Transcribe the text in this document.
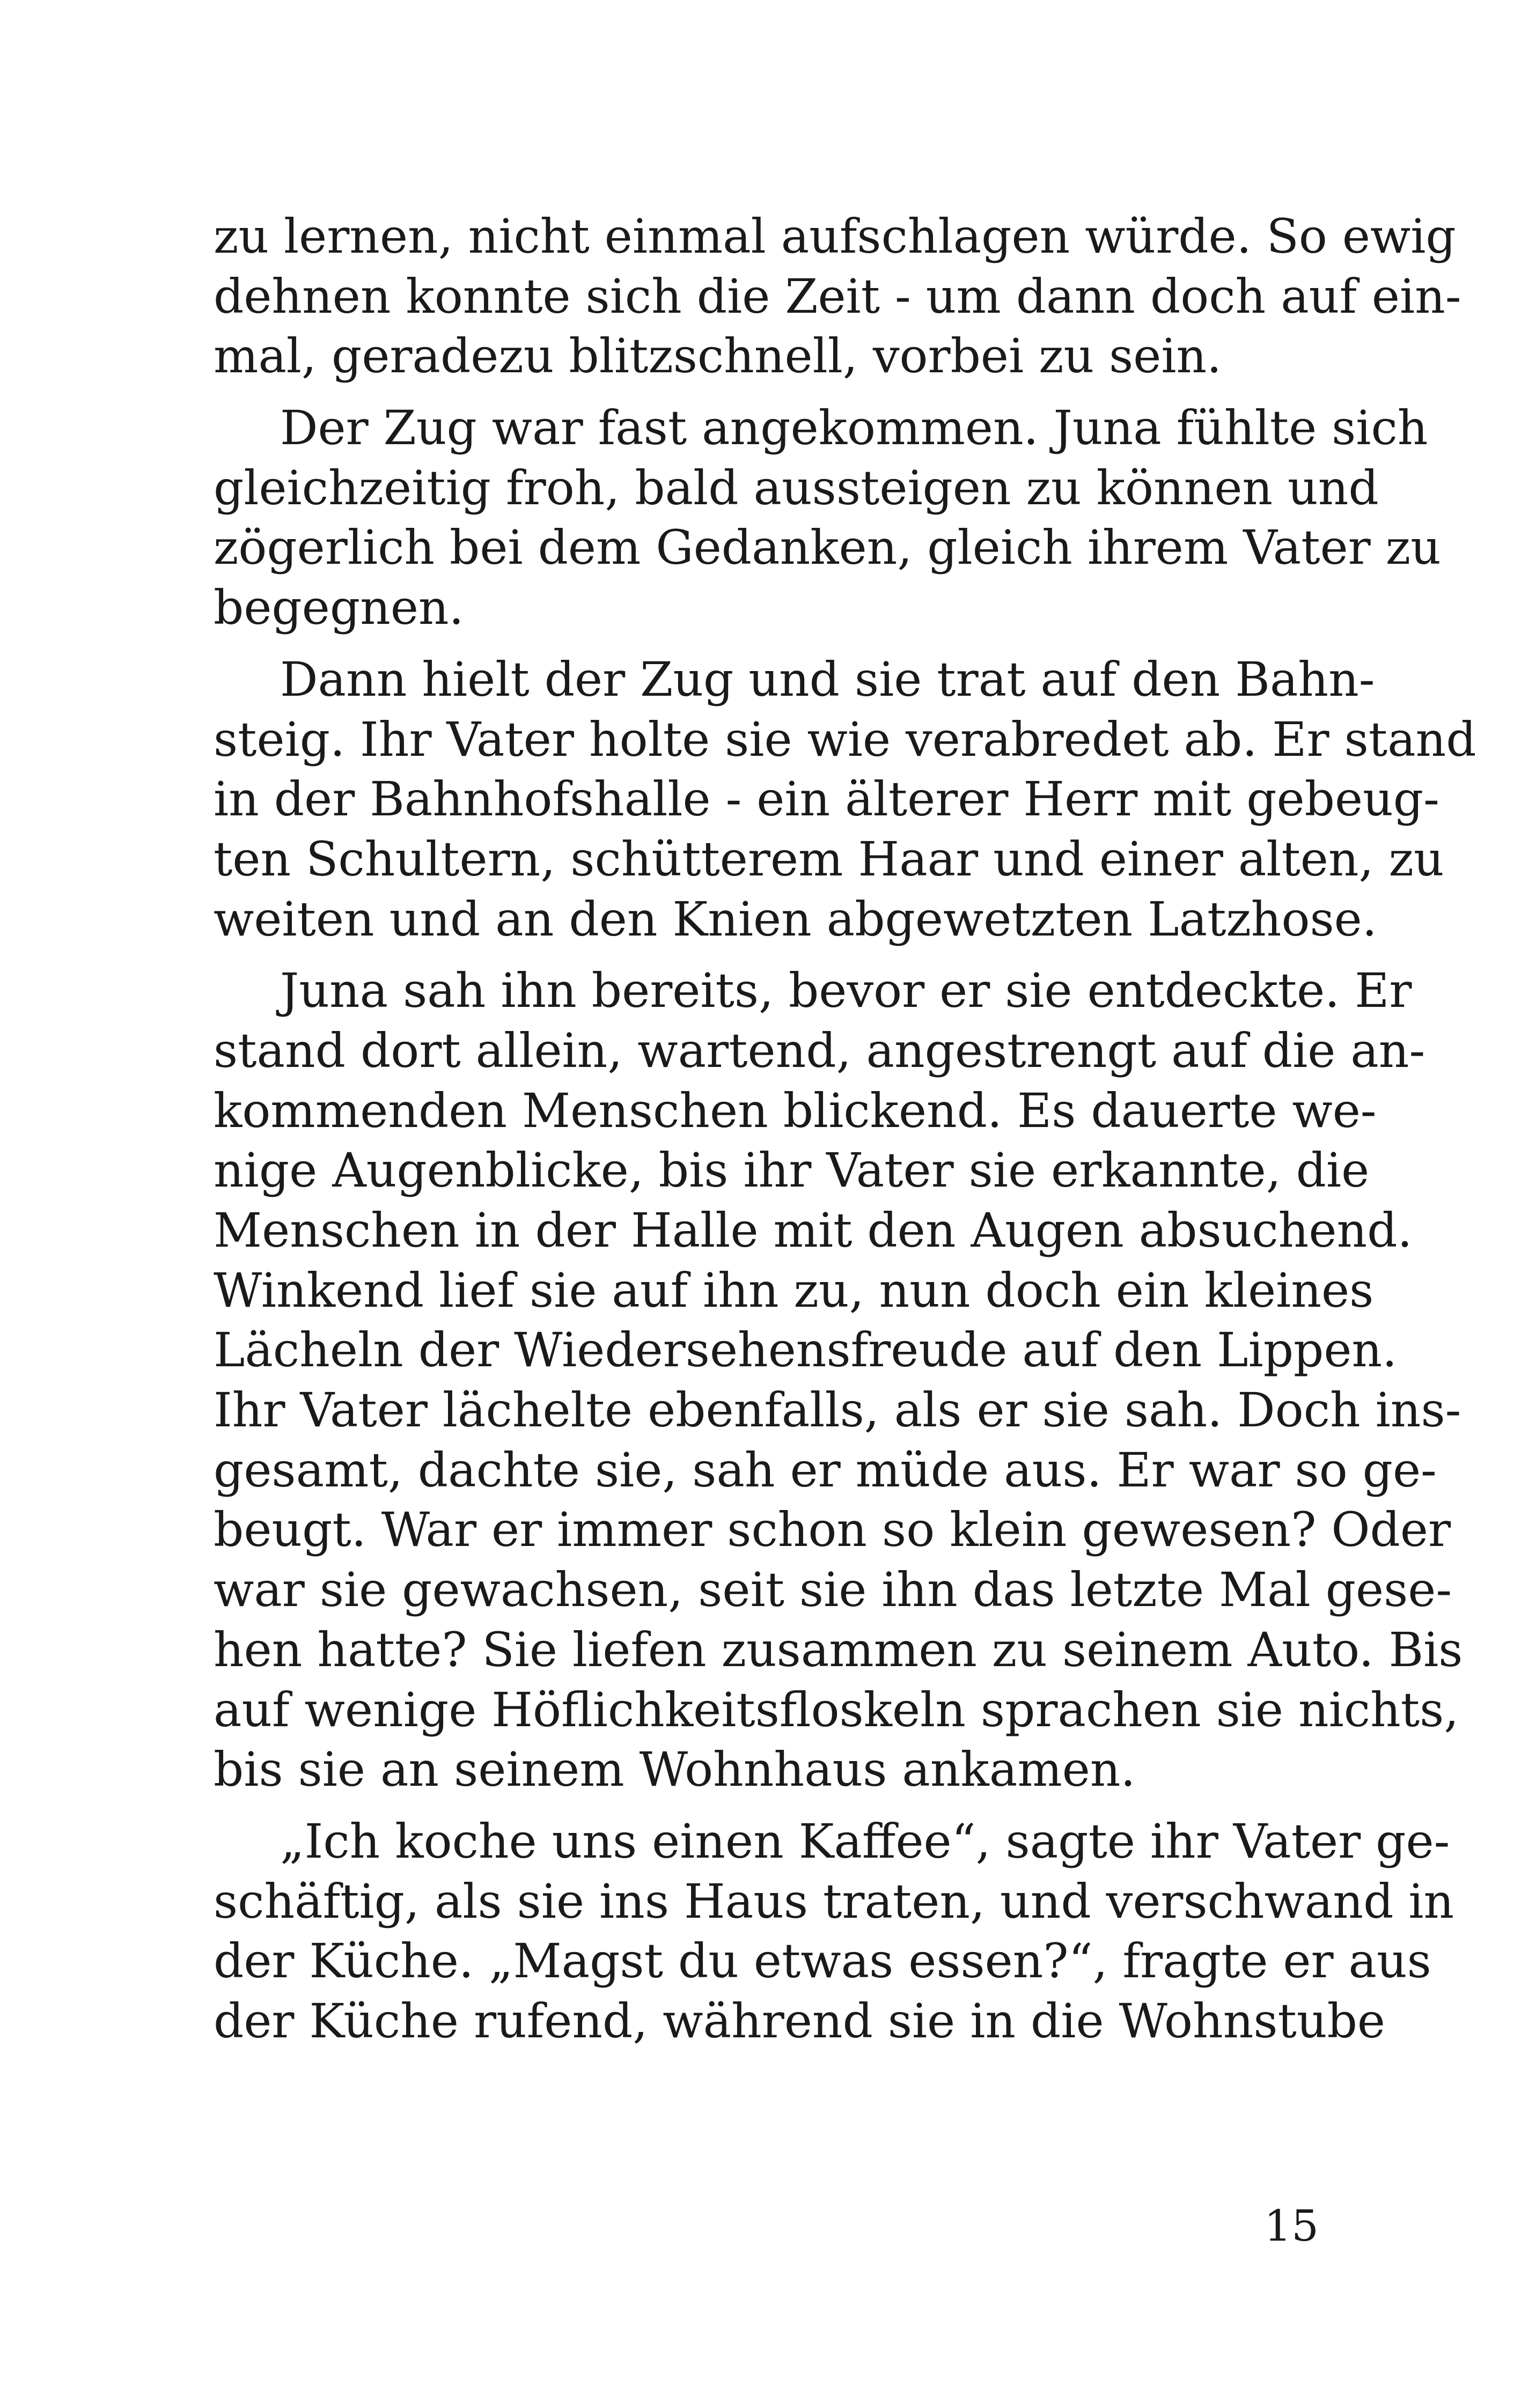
zu lernen, nicht einmal aufschlagen würde. So ewig
dehnen konnte sich die Zeit - um dann doch auf ein-
mal, geradezu blitzschnell, vorbei zu sein.
Der Zug war fast angekommen. Juna fühlte sich
gleichzeitig froh, bald aussteigen zu können und
zögerlich bei dem Gedanken, gleich ihrem Vater zu
begegnen.
Dann hielt der Zug und sie trat auf den Bahn-
steig. Ihr Vater holte sie wie verabredet ab. Er stand
in der Bahnhofshalle - ein älterer Herr mit gebeug-
ten Schultern, schütterem Haar und einer alten, zu
weiten und an den Knien abgewetzten Latzhose.
Juna sah ihn bereits, bevor er sie entdeckte. Er
stand dort allein, wartend, angestrengt auf die an-
kommenden Menschen blickend. Es dauerte we-
nige Augenblicke, bis ihr Vater sie erkannte, die
Menschen in der Halle mit den Augen absuchend.
Winkend lief sie auf ihn zu, nun doch ein kleines
Lächeln der Wiedersehensfreude auf den Lippen.
Ihr Vater lächelte ebenfalls, als er sie sah. Doch ins-
gesamt, dachte sie, sah er müde aus. Er war so ge-
beugt. War er immer schon so klein gewesen? Oder
war sie gewachsen, seit sie ihn das letzte Mal gese-
hen hatte? Sie liefen zusammen zu seinem Auto. Bis
auf wenige Höflichkeitsfloskeln sprachen sie nichts,
bis sie an seinem Wohnhaus ankamen.
„Ich koche uns einen Kaffee“, sagte ihr Vater ge-
schäftig, als sie ins Haus traten, und verschwand in
der Küche. „Magst du etwas essen?“, fragte er aus
der Küche rufend, während sie in die Wohnstube
15
